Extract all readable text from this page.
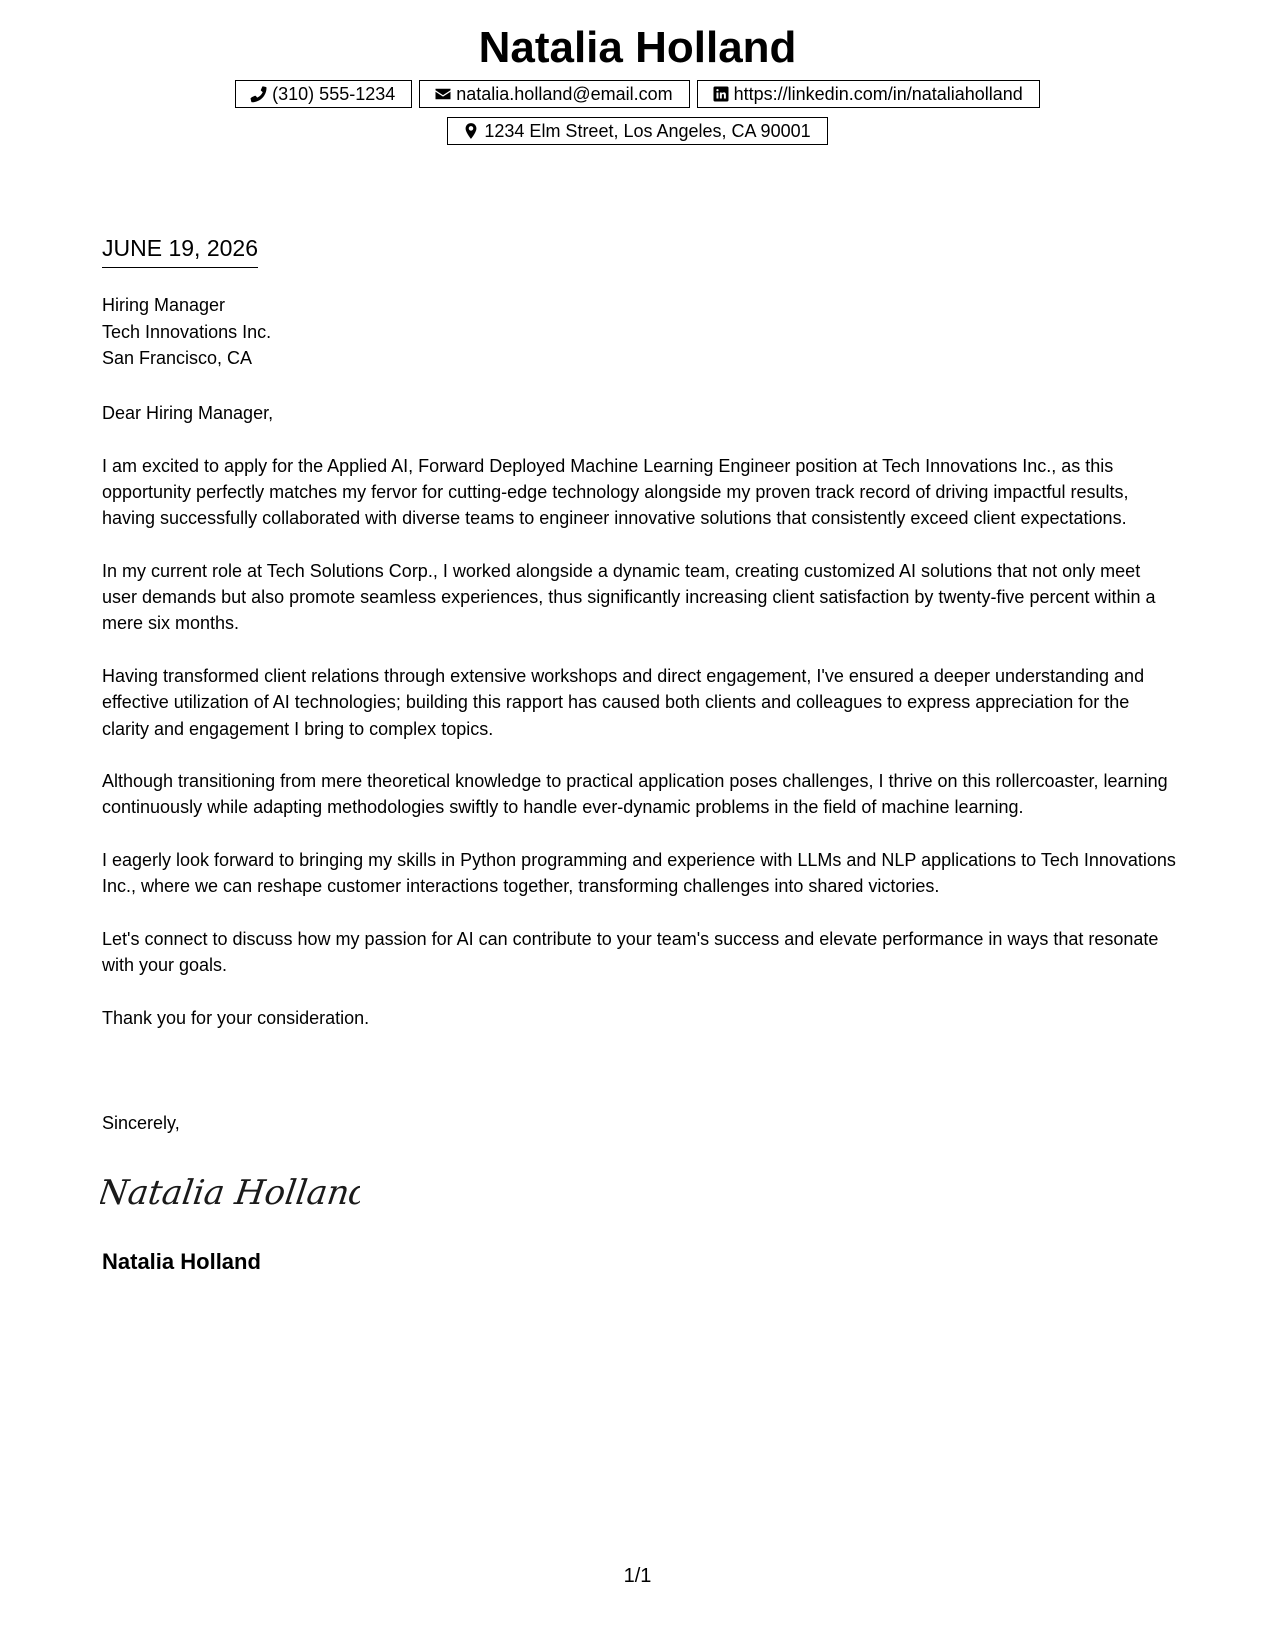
Natalia Holland
(310) 555-1234	natalia.holland@email.com	https://linkedin.com/in/nataliaholland
1234 Elm Street, Los Angeles, CA 90001
JUNE 19, 2026
Hiring Manager
Tech Innovations Inc.
San Francisco, CA

Dear Hiring Manager,

I am excited to apply for the Applied AI, Forward Deployed Machine Learning Engineer position at Tech Innovations Inc., as this opportunity perfectly matches my fervor for cutting-edge technology alongside my proven track record of driving impactful results, having successfully collaborated with diverse teams to engineer innovative solutions that consistently exceed client expectations.

In my current role at Tech Solutions Corp., I worked alongside a dynamic team, creating customized AI solutions that not only meet user demands but also promote seamless experiences, thus significantly increasing client satisfaction by twenty-five percent within a mere six months.

Having transformed client relations through extensive workshops and direct engagement, I've ensured a deeper understanding and effective utilization of AI technologies; building this rapport has caused both clients and colleagues to express appreciation for the clarity and engagement I bring to complex topics.

Although transitioning from mere theoretical knowledge to practical application poses challenges, I thrive on this rollercoaster, learning continuously while adapting methodologies swiftly to handle ever-dynamic problems in the field of machine learning.

I eagerly look forward to bringing my skills in Python programming and experience with LLMs and NLP applications to Tech Innovations Inc., where we can reshape customer interactions together, transforming challenges into shared victories.

Let's connect to discuss how my passion for AI can contribute to your team's success and elevate performance in ways that resonate with your goals.

Thank you for your consideration.

Sincerely,
Natalia Holland
Natalia Holland
1/1
